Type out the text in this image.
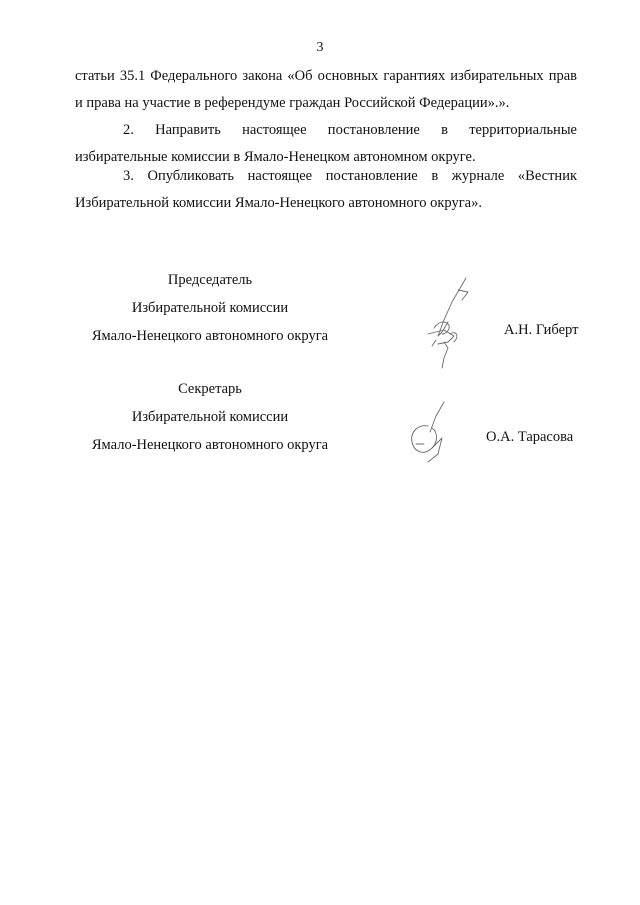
3
статьи 35.1 Федерального закона «Об основных гарантиях избирательных прав
и права на участие в референдуме граждан Российской Федерации».».
2. Направить настоящее постановление в территориальные
избирательные комиссии в Ямало-Ненецком автономном округе.
3. Опубликовать настоящее постановление в журнале «Вестник
Избирательной комиссии Ямало-Ненецкого автономного округа».
Председатель
Избирательной комиссии
Ямало-Ненецкого автономного округа	А.Н. Гиберт
Секретарь
Избирательной комиссии
Ямало-Ненецкого автономного округа	О.А. Тарасова
